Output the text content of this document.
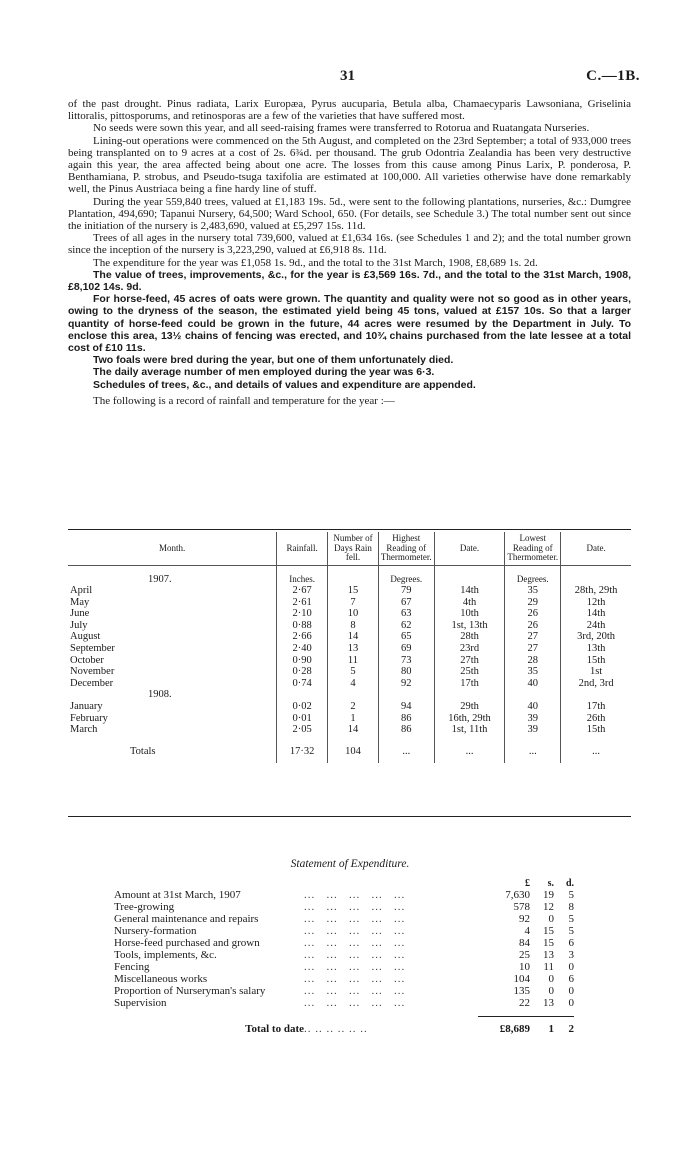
31	C.—1B.

of the past drought. Pinus radiata, Larix Europæa, Pyrus aucuparia, Betula alba, Chamaecyparis Lawsoniana, Griselinia littoralis, pittosporums, and retinosporas are a few of the varieties that have suffered most.

No seeds were sown this year, and all seed-raising frames were transferred to Rotorua and Ruatangata Nurseries.

Lining-out operations were commenced on the 5th August, and completed on the 23rd September; a total of 933,000 trees being transplanted on to 9 acres at a cost of 2s. 6¾d. per thousand. The grub Odontria Zealandia has been very destructive again this year, the area affected being about one acre. The losses from this cause among Pinus Larix, P. ponderosa, P. Benthamiana, P. strobus, and Pseudo-tsuga taxifolia are estimated at 100,000. All varieties otherwise have done remarkably well, the Pinus Austriaca being a fine hardy line of stuff.

During the year 559,840 trees, valued at £1,183 19s. 5d., were sent to the following plantations, nurseries, &c.: Dumgree Plantation, 494,690; Tapanui Nursery, 64,500; Ward School, 650. (For details, see Schedule 3.) The total number sent out since the initiation of the nursery is 2,483,690, valued at £5,297 15s. 11d.

Trees of all ages in the nursery total 739,600, valued at £1,634 16s. (see Schedules 1 and 2); and the total number grown since the inception of the nursery is 3,223,290, valued at £6,918 8s. 11d.

The expenditure for the year was £1,058 1s. 9d., and the total to the 31st March, 1908, £8,689 1s. 2d.

The value of trees, improvements, &c., for the year is £3,569 16s. 7d., and the total to the 31st March, 1908, £8,102 14s. 9d.

For horse-feed, 45 acres of oats were grown. The quantity and quality were not so good as in other years, owing to the dryness of the season, the estimated yield being 45 tons, valued at £157 10s. So that a larger quantity of horse-feed could be grown in the future, 44 acres were resumed by the Department in July. To enclose this area, 13½ chains of fencing was erected, and 10¾ chains purchased from the late lessee at a total cost of £10 11s.

Two foals were bred during the year, but one of them unfortunately died.

The daily average number of men employed during the year was 6·3.

Schedules of trees, &c., and details of values and expenditure are appended.

The following is a record of rainfall and temperature for the year :—

Month.	Rainfall.	Number of Days Rain fell.	Highest Reading of Thermometer.	Date.	Lowest Reading of Thermometer.	Date.
1907.	Inches.		Degrees.		Degrees.	
April	2·67	15	79	14th	35	28th, 29th
May	2·61	7	67	4th	29	12th
June	2·10	10	63	10th	26	14th
July	0·88	8	62	1st, 13th	26	24th
August	2·66	14	65	28th	27	3rd, 20th
September	2·40	13	69	23rd	27	13th
October	0·90	11	73	27th	28	15th
November	0·28	5	80	25th	35	1st
December	0·74	4	92	17th	40	2nd, 3rd
1908.						
January	0·02	2	94	29th	40	17th
February	0·01	1	86	16th, 29th	39	26th
March	2·05	14	86	1st, 11th	39	15th
Totals	17·32	104	...	...	...	...
Statement of Expenditure.
£	s.	d.
Amount at 31st March, 1907	...   ...   ...   ...   ...	7,630	19	5
Tree-growing	...   ...   ...   ...   ...	578	12	8
General maintenance and repairs	...   ...   ...   ...   ...	92	0	5
Nursery-formation	...   ...   ...   ...   ...	4	15	5
Horse-feed purchased and grown	...   ...   ...   ...   ...	84	15	6
Tools, implements, &c.	...   ...   ...   ...   ...	25	13	3
Fencing	...   ...   ...   ...   ...	10	11	0
Miscellaneous works	...   ...   ...   ...   ...	104	0	6
Proportion of Nurseryman's salary	...   ...   ...   ...   ...	135	0	0
Supervision	...   ...   ...   ...   ...	22	13	0
Total to date .. .. .. .. .. ..	£8,689	1	2
